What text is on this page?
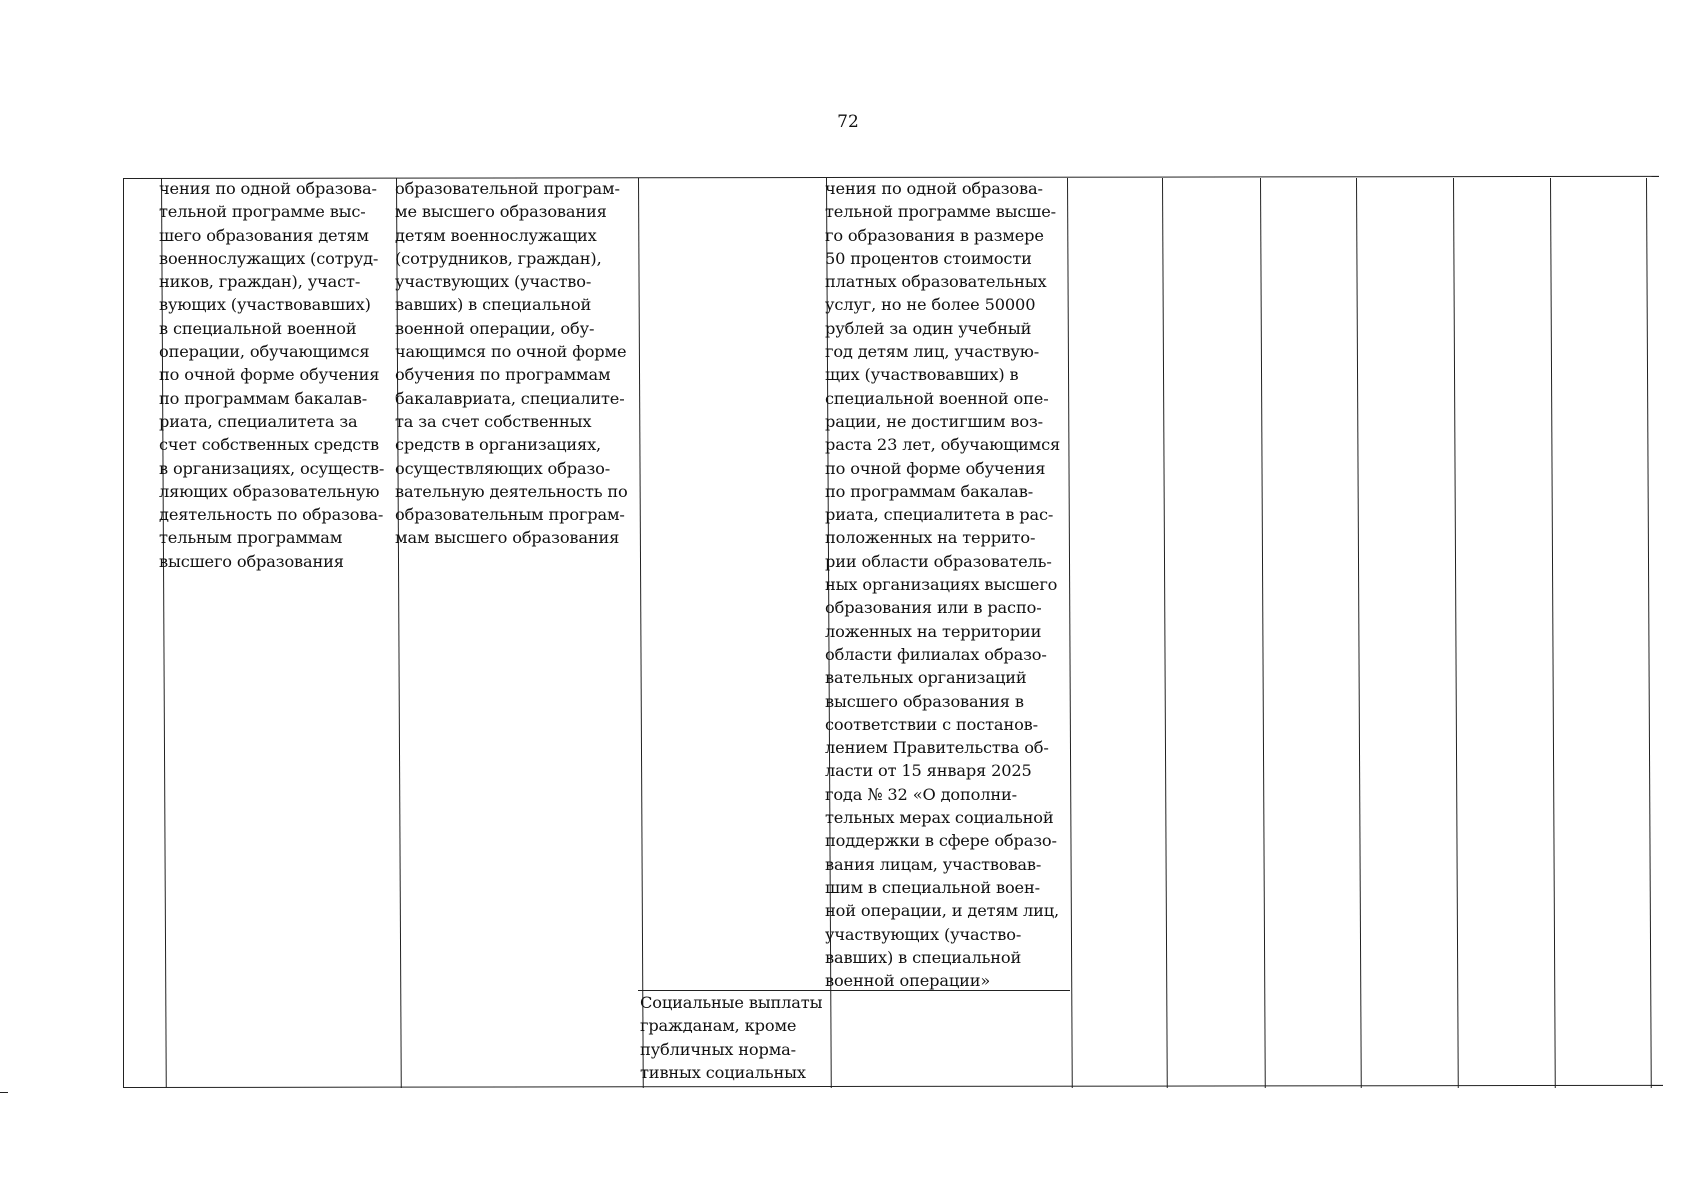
72
чения по одной образова-
тельной программе выс-
шего образования детям
военнослужащих (сотруд-
ников, граждан), участ-
вующих (участвовавших)
в специальной военной
операции, обучающимся
по очной форме обучения
по программам бакалав-
риата, специалитета за
счет собственных средств
в организациях, осуществ-
ляющих образовательную
деятельность по образова-
тельным программам
высшего образования
образовательной програм-
ме высшего образования
детям военнослужащих
(сотрудников, граждан),
участвующих (участво-
вавших) в специальной
военной операции, обу-
чающимся по очной форме
обучения по программам
бакалавриата, специалите-
та за счет собственных
средств в организациях,
осуществляющих образо-
вательную деятельность по
образовательным програм-
мам высшего образования
Социальные выплаты
гражданам, кроме
публичных норма-
тивных социальных
чения по одной образова-
тельной программе высше-
го образования в размере
50 процентов стоимости
платных образовательных
услуг, но не более 50000
рублей за один учебный
год детям лиц, участвую-
щих (участвовавших) в
специальной военной опе-
рации, не достигшим воз-
раста 23 лет, обучающимся
по очной форме обучения
по программам бакалав-
риата, специалитета в рас-
положенных на террито-
рии области образователь-
ных организациях высшего
образования или в распо-
ложенных на территории
области филиалах образо-
вательных организаций
высшего образования в
соответствии с постанов-
лением Правительства об-
ласти от 15 января 2025
года № 32 «О дополни-
тельных мерах социальной
поддержки в сфере образо-
вания лицам, участвовав-
шим в специальной воен-
ной операции, и детям лиц,
участвующих (участво-
вавших) в специальной
военной операции»
